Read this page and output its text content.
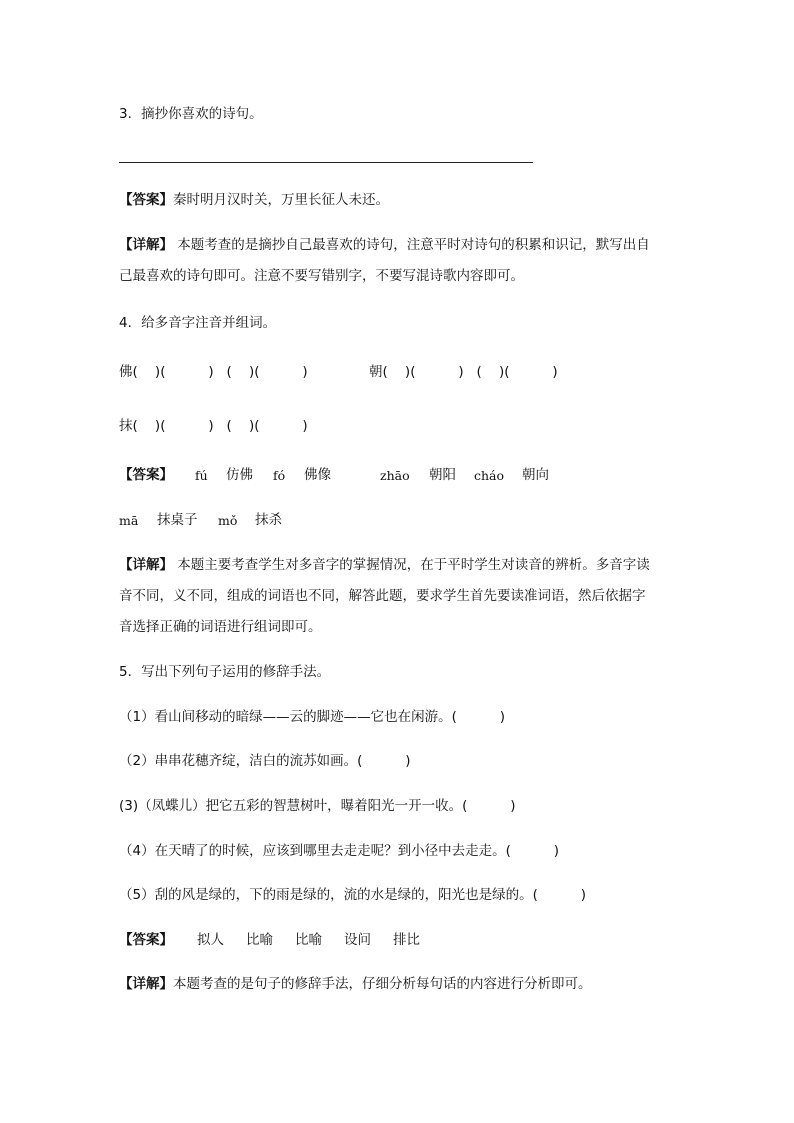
3．摘抄你喜欢的诗句。
【答案】秦时明月汉时关，万里长征人未还。
【详解】 本题考查的是摘抄自己最喜欢的诗句，注意平时对诗句的积累和识记，默写出自
己最喜欢的诗句即可。注意不要写错别字，不要写混诗歌内容即可。
4．给多音字注音并组词。
佛(    )(          )   (    )(          )	朝(    )(          )   (    )(          )
抹(    )(          )   (    )(          )
【答案】 fú 仿佛 fó 佛像	zhāo 朝阳 cháo 朝向
mā 抹桌子 mǒ 抹杀
【详解】 本题主要考查学生对多音字的掌握情况，在于平时学生对读音的辨析。多音字读
音不同，义不同，组成的词语也不同，解答此题，要求学生首先要读准词语，然后依据字
音选择正确的词语进行组词即可。
5．写出下列句子运用的修辞手法。
（1）看山间移动的暗绿——云的脚迹——它也在闲游。(          )
（2）串串花穗齐绽，洁白的流苏如画。(          )
(3)（凤蝶儿）把它五彩的智慧树叶，曝着阳光一开一收。(          )
（4）在天晴了的时候，应该到哪里去走走呢？到小径中去走走。(          )
（5）刮的风是绿的，下的雨是绿的，流的水是绿的，阳光也是绿的。(          )
【答案】 拟人 比喻 比喻 设问 排比
【详解】本题考查的是句子的修辞手法，仔细分析每句话的内容进行分析即可。
